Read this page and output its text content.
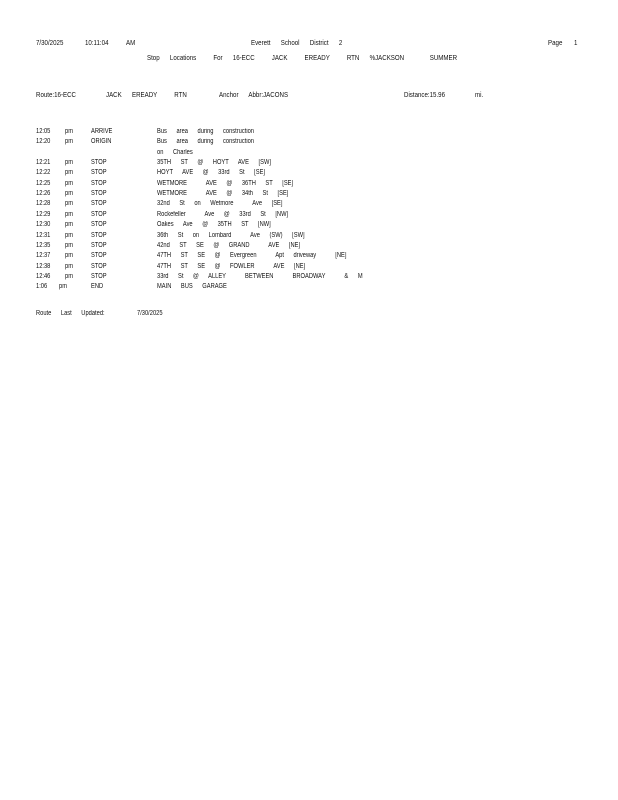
7/30/2025	10:11:04 AM	Everett      School      District      2	Page 1
Stop      Locations          For      16-ECC          JACK          EREADY          RTN      %JACKSON               SUMMER
Route:16-ECC	JACK      EREADY          RTN	Anchor      Abbr:JACONS	Distance:15.96	mi.
12:05 pm	ARRIVE	Bus      area      during      construction
12:20 pm	ORIGIN	Bus      area      during      construction
on      Charles
12:21 pm	STOP	35TH      ST      @      HOYT      AVE      [SW]
12:22 pm	STOP	HOYT      AVE      @      33rd      St      [SE]
12:25 pm	STOP	WETMORE            AVE      @      36TH      ST      [SE]
12:26 pm	STOP	WETMORE            AVE      @      34th      St      [SE]
12:28 pm	STOP	32nd      St      on      Wetmore            Ave      [SE]
12:29 pm	STOP	Rockefeller            Ave      @      33rd      St      [NW]
12:30 pm	STOP	Oakes      Ave      @      35TH      ST      [NW]
12:31 pm	STOP	36th      St      on      Lombard            Ave      (SW)      [SW]
12:35 pm	STOP	42nd      ST      SE      @      GRAND            AVE      [NE]
12:37 pm	STOP	47TH      ST      SE      @      Evergreen            Apt      driveway            [NE]
12:38 pm	STOP	47TH      ST      SE      @      FOWLER            AVE      [NE]
12:46 pm	STOP	33rd      St      @      ALLEY            BETWEEN            BROADWAY            &      M
1:06 pm	END	MAIN      BUS      GARAGE
Route      Last      Updated:	7/30/2025
